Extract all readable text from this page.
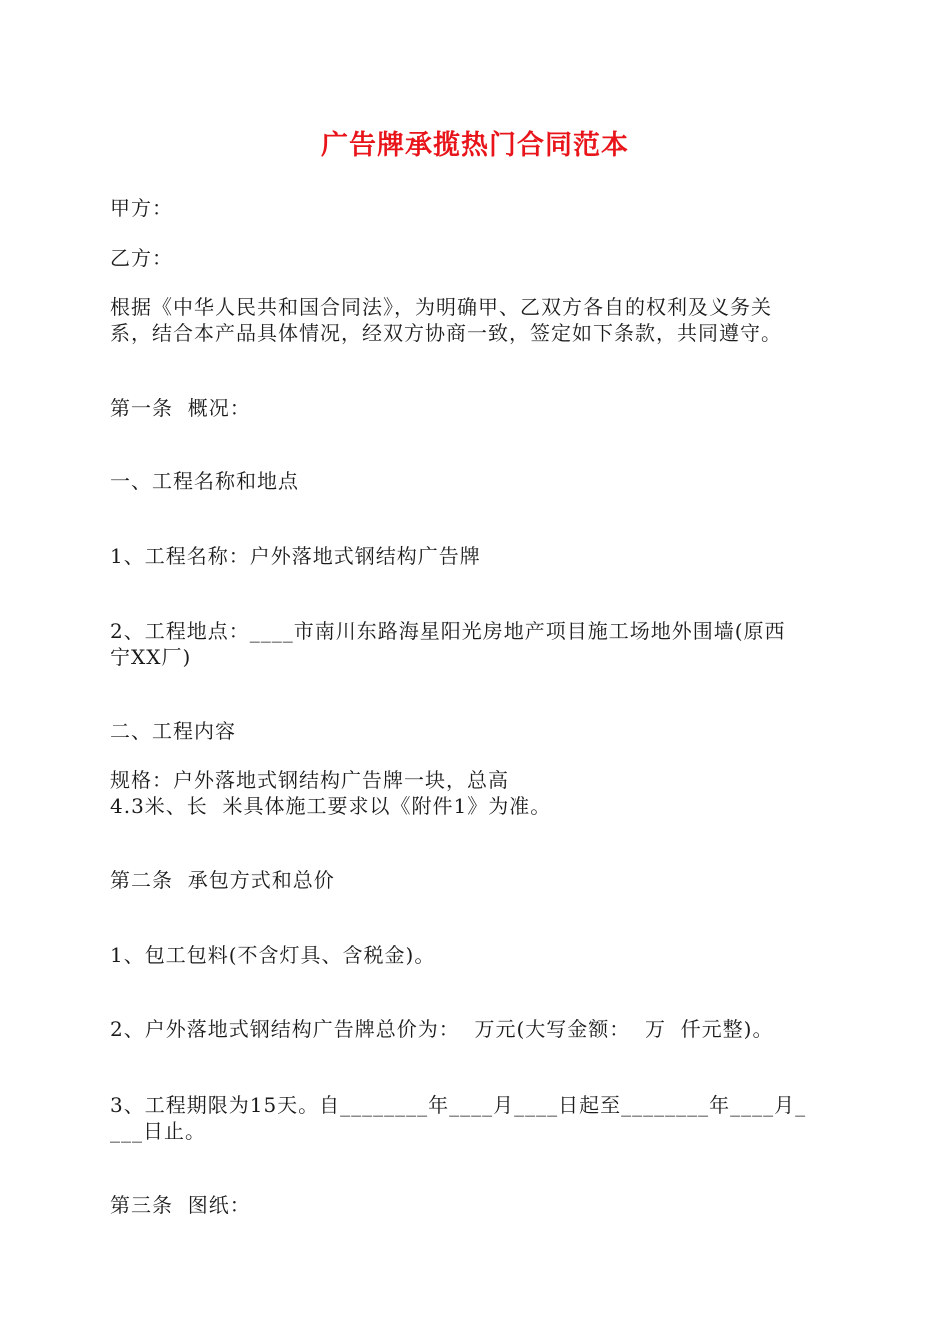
广告牌承揽热门合同范本
甲方：
乙方：
根据《中华人民共和国合同法》，为明确甲、乙双方各自的权利及义务关
系，结合本产品具体情况，经双方协商一致，签定如下条款，共同遵守。
第一条  概况：
一、工程名称和地点
1、工程名称：户外落地式钢结构广告牌
2、工程地点：____市南川东路海星阳光房地产项目施工场地外围墙(原西
宁XX厂)
二、工程内容
规格：户外落地式钢结构广告牌一块，总高
4.3米、长  米具体施工要求以《附件1》为准。
第二条  承包方式和总价
1、包工包料(不含灯具、含税金)。
2、户外落地式钢结构广告牌总价为：  万元(大写金额：  万  仟元整)。
3、工程期限为15天。自________年____月____日起至________年____月_
___日止。
第三条  图纸：
